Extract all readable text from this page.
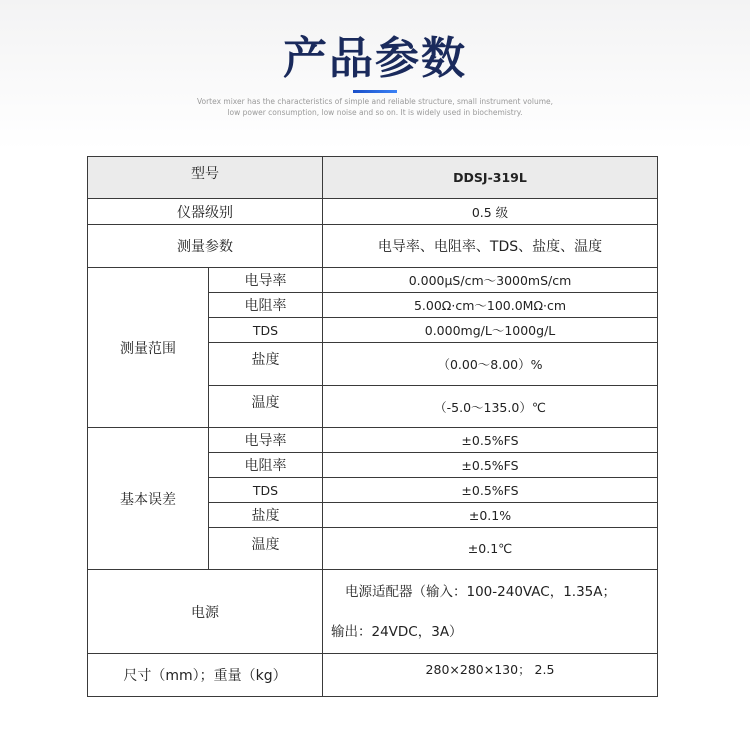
产品参数
Vortex mixer has the characteristics of simple and reliable structure, small instrument volume,
low power consumption, low noise and so on. It is widely used in biochemistry.
型号		DDSJ-319L
仪器级别		0.5 级
测量参数		电导率、电阻率、TDS、盐度、温度
测量范围	电导率	0.000μS/cm～3000mS/cm
	电阻率	5.00Ω·cm～100.0MΩ·cm
	TDS	0.000mg/L～1000g/L
	盐度	（0.00～8.00）%
	温度	（-5.0～135.0）℃
基本误差	电导率	±0.5%FS
	电阻率	±0.5%FS
	TDS	±0.5%FS
	盐度	±0.1%
	温度	±0.1℃
电源		电源适配器（输入：100-240VAC，1.35A；
输出：24VDC，3A）

尺寸（mm）；重量（kg）		280×280×130； 2.5
